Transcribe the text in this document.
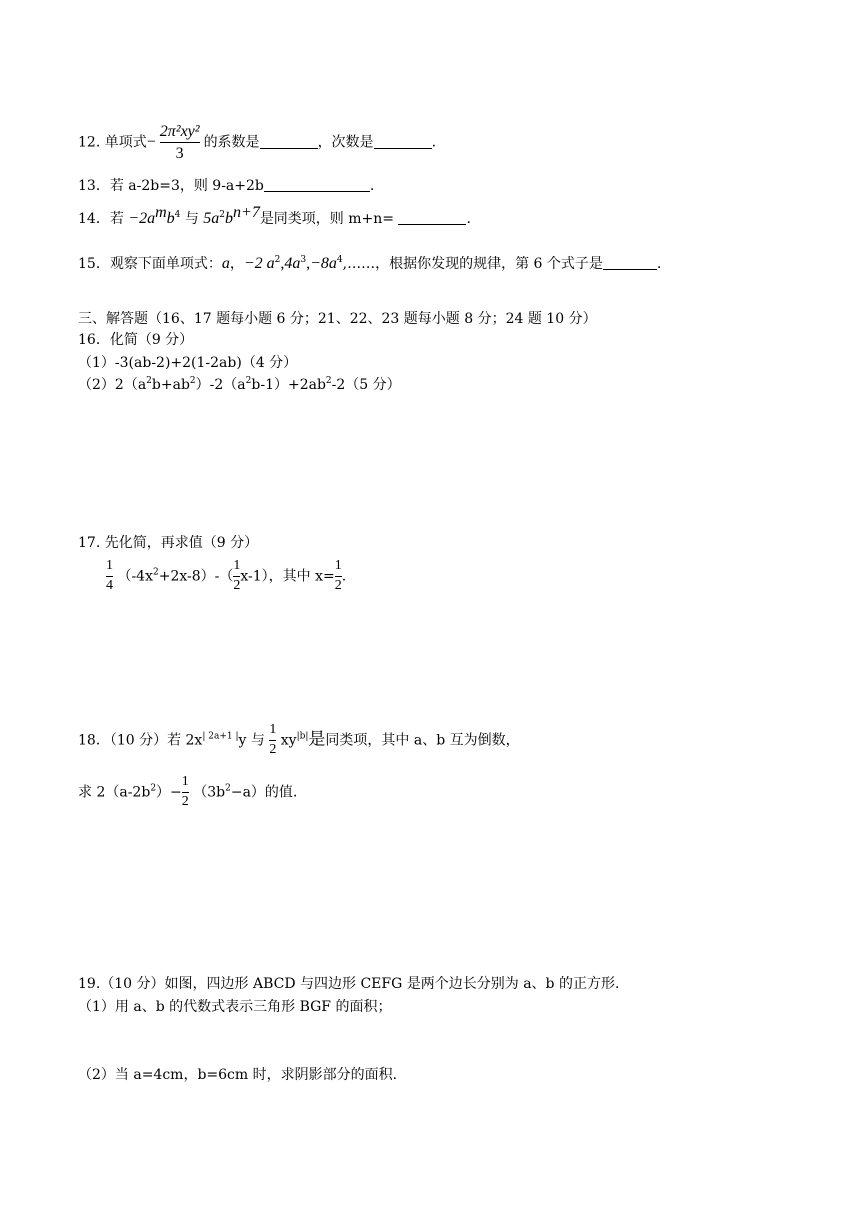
12. 单项式− $\frac{\text{2π²xy²}}{3}$ 的系数是	，次数是	.
13．若 a-2b=3，则 9-a+2b	.
14．若 $-2a^mb^4$ 与 $5a^2b^{n+7}$是同类项，则 m+n=	.
15．观察下面单项式：a，−2 $a^2,4a^3,-8a^4,\dots\dots$，根据你发现的规律，第 6 个式子是	.
三、解答题（16、17 题每小题 6 分；21、22、23 题每小题 8 分；24 题 10 分）
16．化简（9 分）
（1）-3(ab-2)+2(1-2ab)（4 分）
$(2)2(a^2b+ab^2)-2(a^2b-1)+2ab^2-2(5$ 分）
17. 先化简，再求值（9 分）
$\frac{1}{4} (-4x^2+2x-8)-( \frac{1}{2} x-1)$，其中 $x= \frac{1}{2}$ .
18．（10 分）若 $2x^{| 2a+1 |}y$ 与 $\frac{1}{2} xy^{|b|}$是同类项，其中 a、b 互为倒数，
求 $2(a-2b^2)- \frac{1}{2} (3b^2-a)$的值.
19.（10 分）如图，四边形 ABCD 与四边形 CEFG 是两个边长分别为 a、b 的正方形.
（1）用 a、b 的代数式表示三角形 BGF 的面积；
（2）当 a=4cm，b=6cm 时，求阴影部分的面积.
